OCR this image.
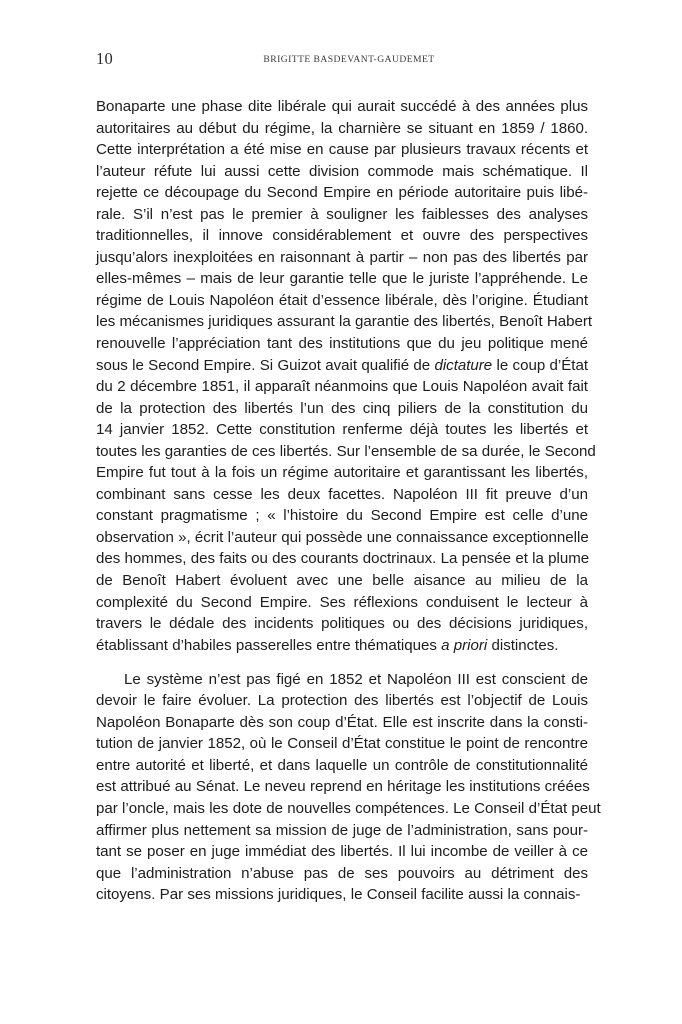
10	BRIGITTE BASDEVANT-GAUDEMET

Bonaparte une phase dite libérale qui aurait succédé à des années plus
autoritaires au début du régime, la charnière se situant en 1859 / 1860.
Cette interprétation a été mise en cause par plusieurs travaux récents et
l’auteur réfute lui aussi cette division commode mais schématique. Il
rejette ce découpage du Second Empire en période autoritaire puis libé-
rale. S’il n’est pas le premier à souligner les faiblesses des analyses
traditionnelles, il innove considérablement et ouvre des perspectives
jusqu’alors inexploitées en raisonnant à partir – non pas des libertés par
elles-mêmes – mais de leur garantie telle que le juriste l’appréhende. Le
régime de Louis Napoléon était d’essence libérale, dès l’origine. Étudiant
les mécanismes juridiques assurant la garantie des libertés, Benoît Habert
renouvelle l’appréciation tant des institutions que du jeu politique mené
sous le Second Empire. Si Guizot avait qualifié de dictature le coup d’État
du 2 décembre 1851, il apparaît néanmoins que Louis Napoléon avait fait
de la protection des libertés l’un des cinq piliers de la constitution du
14 janvier 1852. Cette constitution renferme déjà toutes les libertés et
toutes les garanties de ces libertés. Sur l’ensemble de sa durée, le Second
Empire fut tout à la fois un régime autoritaire et garantissant les libertés,
combinant sans cesse les deux facettes. Napoléon III fit preuve d’un
constant pragmatisme ; « l’histoire du Second Empire est celle d’une
observation », écrit l’auteur qui possède une connaissance exceptionnelle
des hommes, des faits ou des courants doctrinaux. La pensée et la plume
de Benoît Habert évoluent avec une belle aisance au milieu de la
complexité du Second Empire. Ses réflexions conduisent le lecteur à
travers le dédale des incidents politiques ou des décisions juridiques,
établissant d’habiles passerelles entre thématiques a priori distinctes.

Le système n’est pas figé en 1852 et Napoléon III est conscient de
devoir le faire évoluer. La protection des libertés est l’objectif de Louis
Napoléon Bonaparte dès son coup d’État. Elle est inscrite dans la consti-
tution de janvier 1852, où le Conseil d’État constitue le point de rencontre
entre autorité et liberté, et dans laquelle un contrôle de constitutionnalité
est attribué au Sénat. Le neveu reprend en héritage les institutions créées
par l’oncle, mais les dote de nouvelles compétences. Le Conseil d’État peut
affirmer plus nettement sa mission de juge de l’administration, sans pour-
tant se poser en juge immédiat des libertés. Il lui incombe de veiller à ce
que l’administration n’abuse pas de ses pouvoirs au détriment des
citoyens. Par ses missions juridiques, le Conseil facilite aussi la connais-
